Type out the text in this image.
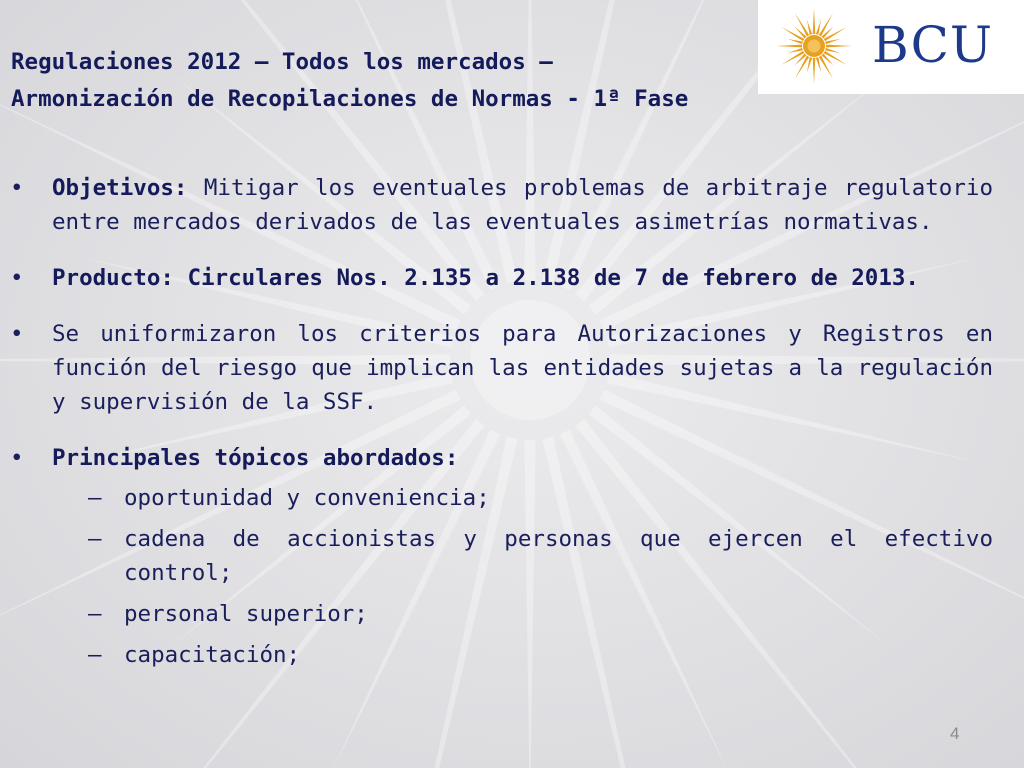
BCU
Regulaciones 2012 – Todos los mercados –
Armonización de Recopilaciones de Normas - 1ª Fase

•	Objetivos: Mitigar los eventuales problemas de arbitraje regulatorio entre mercados derivados de las eventuales asimetrías normativas.

•	Producto: Circulares Nos. 2.135 a 2.138 de 7 de febrero de 2013.

•	Se uniformizaron los criterios para Autorizaciones y Registros en función del riesgo que implican las entidades sujetas a la regulación y supervisión de la SSF.

•	Principales tópicos abordados:

– oportunidad y conveniencia;

– cadena de accionistas y personas que ejercen el efectivo control;

– personal superior;

– capacitación;

4
